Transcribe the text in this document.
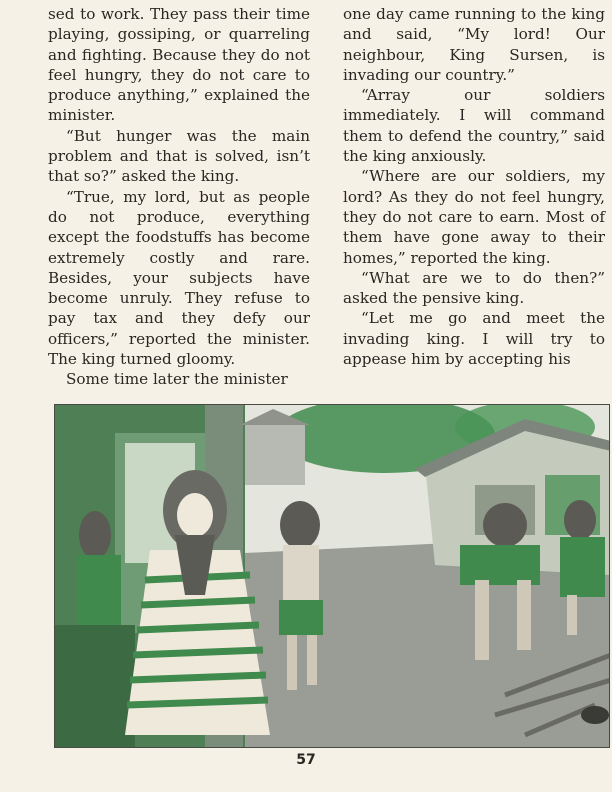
sed to work. They pass their time playing, gossiping, or quarreling and fighting. Because they do not feel hungry, they do not care to produce anything,” explained the minister.

“But hunger was the main problem and that is solved, isn’t that so?” asked the king.

“True, my lord, but as people do not produce, everything except the foodstuffs has become extremely costly and rare. Besides, your subjects have become unruly. They refuse to pay tax and they defy our officers,” reported the minister. The king turned gloomy.

Some time later the minister

one day came running to the king and said, “My lord! Our neighbour, King Sursen, is invading our country.”

“Array our soldiers immediately. I will command them to defend the country,” said the king anxiously.

“Where are our soldiers, my lord? As they do not feel hungry, they do not care to earn. Most of them have gone away to their homes,” reported the king.

“What are we to do then?” asked the pensive king.

“Let me go and meet the invading king. I will try to appease him by accepting his

57
